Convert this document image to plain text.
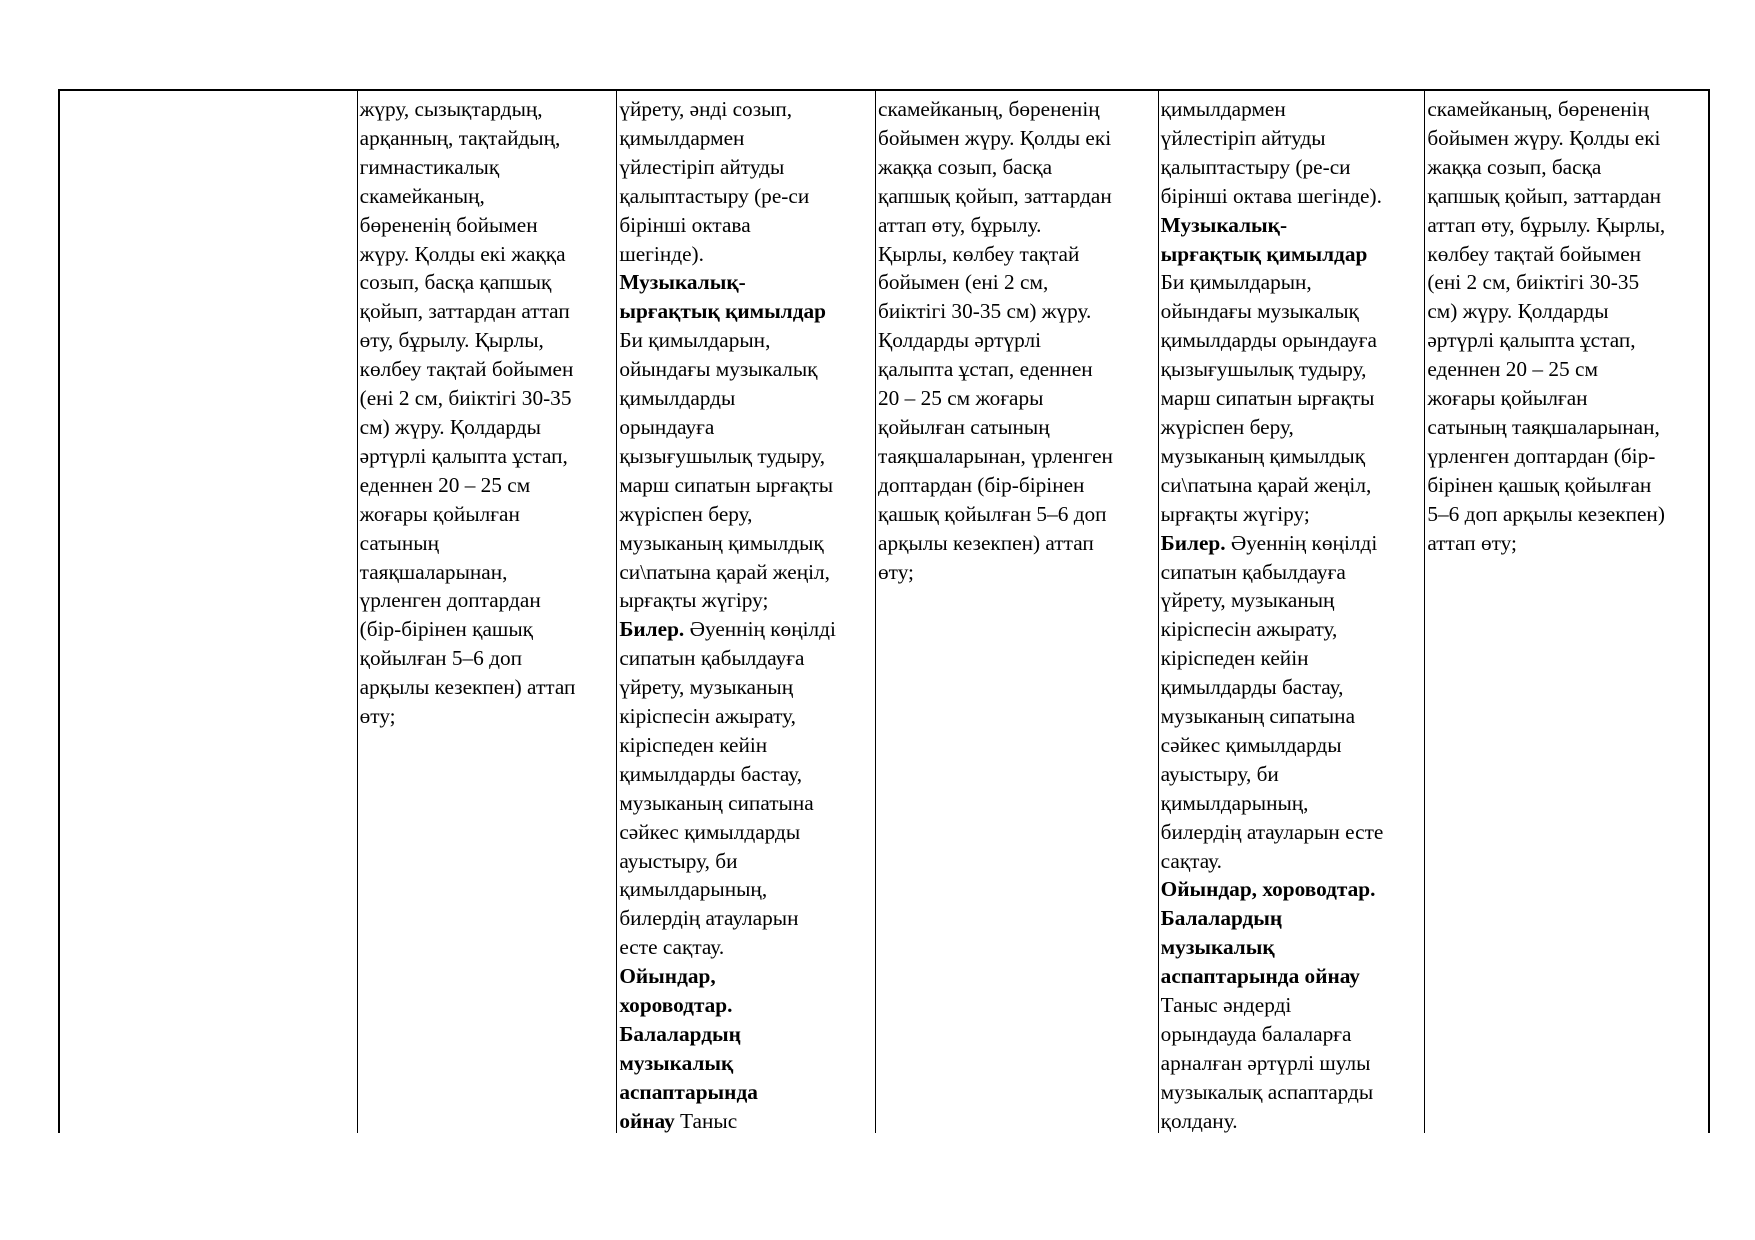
жүру, сызықтардың,
арқанның, тақтайдың,
гимнастикалық
скамейканың,
бөрененің бойымен
жүру. Қолды екі жаққа
созып, басқа қапшық
қойып, заттардан аттап
өту, бұрылу. Қырлы,
көлбеу тақтай бойымен
(ені 2 см, биіктігі 30-35
см) жүру. Қолдарды
әртүрлі қалыпта ұстап,
еденнен 20 – 25 см
жоғары қойылған
сатының
таяқшаларынан,
үрленген доптардан
(бір-бірінен қашық
қойылған 5–6 доп
арқылы кезекпен) аттап
өту;
үйрету, әнді созып,
қимылдармен
үйлестіріп айтуды
қалыптастыру (ре-си
бірінші октава
шегінде).
Музыкалық-
ырғақтық қимылдар
Би қимылдарын,
ойындағы музыкалық
қимылдарды
орындауға
қызығушылық тудыру,
марш сипатын ырғақты
жүріспен беру,
музыканың қимылдық
си\патына қарай жеңіл,
ырғақты жүгіру;
Билер. Әуеннің көңілді
сипатын қабылдауға
үйрету, музыканың
кіріспесін ажырату,
кіріспеден кейін
қимылдарды бастау,
музыканың сипатына
сәйкес қимылдарды
ауыстыру, би
қимылдарының,
билердің атауларын
есте сақтау.
Ойындар,
хороводтар.
Балалардың
музыкалық
аспаптарында
ойнау Таныс
скамейканың, бөрененің
бойымен жүру. Қолды екі
жаққа созып, басқа
қапшық қойып, заттардан
аттап өту, бұрылу.
Қырлы, көлбеу тақтай
бойымен (ені 2 см,
биіктігі 30-35 см) жүру.
Қолдарды әртүрлі
қалыпта ұстап, еденнен
20 – 25 см жоғары
қойылған сатының
таяқшаларынан, үрленген
доптардан (бір-бірінен
қашық қойылған 5–6 доп
арқылы кезекпен) аттап
өту;
қимылдармен
үйлестіріп айтуды
қалыптастыру (ре-си
бірінші октава шегінде).
Музыкалық-
ырғақтық қимылдар
Би қимылдарын,
ойындағы музыкалық
қимылдарды орындауға
қызығушылық тудыру,
марш сипатын ырғақты
жүріспен беру,
музыканың қимылдық
си\патына қарай жеңіл,
ырғақты жүгіру;
Билер. Әуеннің көңілді
сипатын қабылдауға
үйрету, музыканың
кіріспесін ажырату,
кіріспеден кейін
қимылдарды бастау,
музыканың сипатына
сәйкес қимылдарды
ауыстыру, би
қимылдарының,
билердің атауларын есте
сақтау.
Ойындар, хороводтар.
Балалардың
музыкалық
аспаптарында ойнау
Таныс әндерді
орындауда балаларға
арналған әртүрлі шулы
музыкалық аспаптарды
қолдану.
скамейканың, бөрененің
бойымен жүру. Қолды екі
жаққа созып, басқа
қапшық қойып, заттардан
аттап өту, бұрылу. Қырлы,
көлбеу тақтай бойымен
(ені 2 см, биіктігі 30-35
см) жүру. Қолдарды
әртүрлі қалыпта ұстап,
еденнен 20 – 25 см
жоғары қойылған
сатының таяқшаларынан,
үрленген доптардан (бір-
бірінен қашық қойылған
5–6 доп арқылы кезекпен)
аттап өту;
